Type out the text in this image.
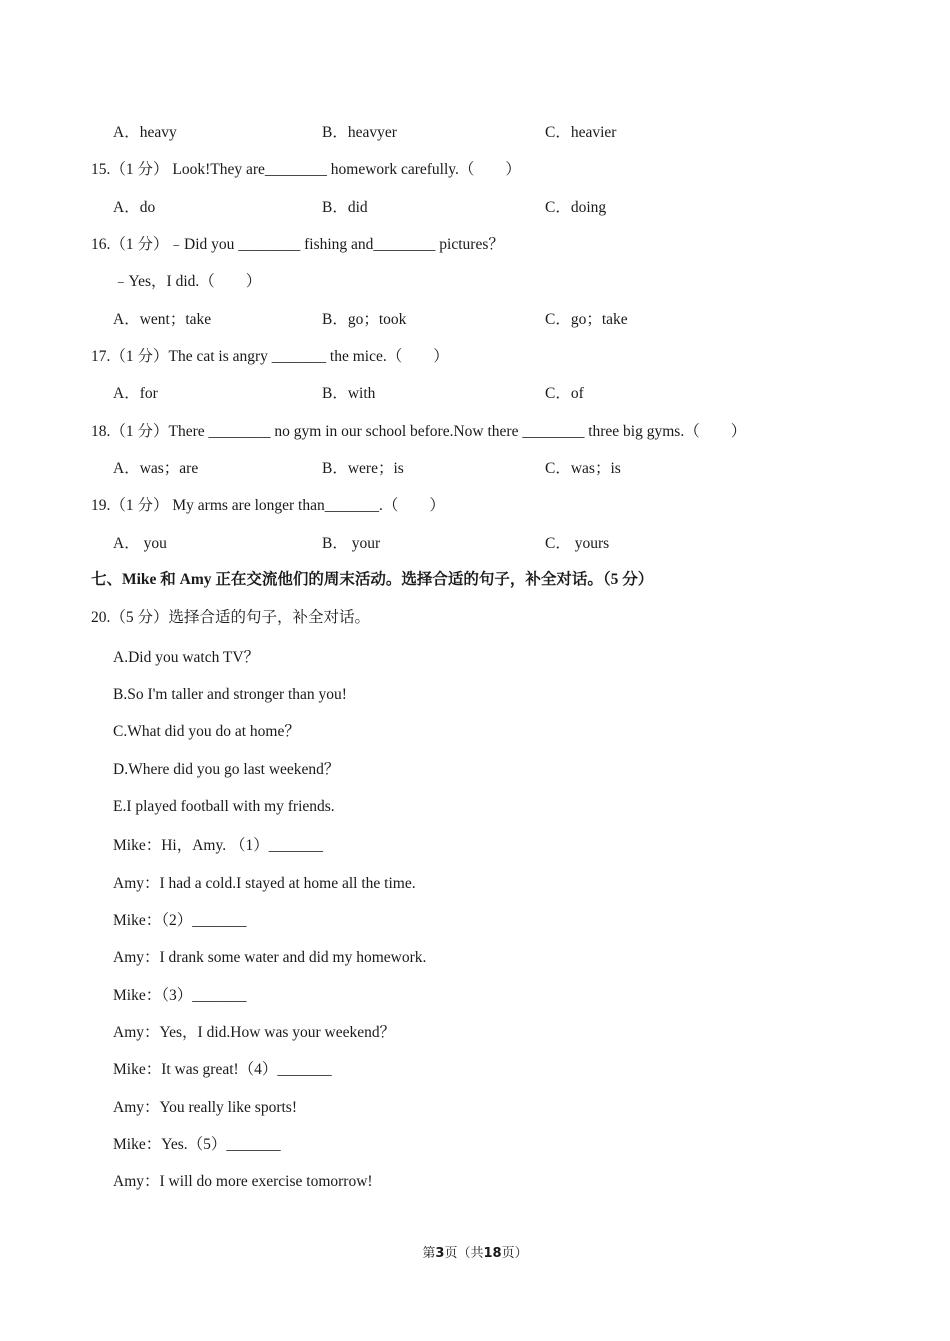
A．heavy	B．heavyer	C．heavier
15.（1 分） Look!They are________ homework carefully.（　　）
A．do	B．did	C．doing
16.（1 分）﹣Did you ________ fishing and________ pictures？
﹣Yes，I did.（　　）
A．went；take	B．go；took	C．go；take
17.（1 分）The cat is angry _______ the mice.（　　）
A．for	B．with	C．of
18.（1 分）There ________ no gym in our school before.Now there ________ three big gyms.（　　）
A．was；are	B．were；is	C．was；is
19.（1 分） My arms are longer than_______.（　　）
A． you	B． your	C． yours
七、Mike 和 Amy 正在交流他们的周末活动。选择合适的句子，补全对话。（5 分）
20.（5 分）选择合适的句子，补全对话。
A.Did you watch TV？
B.So I'm taller and stronger than you!
C.What did you do at home？
D.Where did you go last weekend？
E.I played football with my friends.
Mike：Hi，Amy. （1）_______
Amy：I had a cold.I stayed at home all the time.
Mike：（2）_______
Amy：I drank some water and did my homework.
Mike：（3）_______
Amy：Yes，I did.How was your weekend？
Mike：It was great!（4）_______
Amy：You really like sports!
Mike：Yes.（5）_______
Amy：I will do more exercise tomorrow!
第3页（共18页）
